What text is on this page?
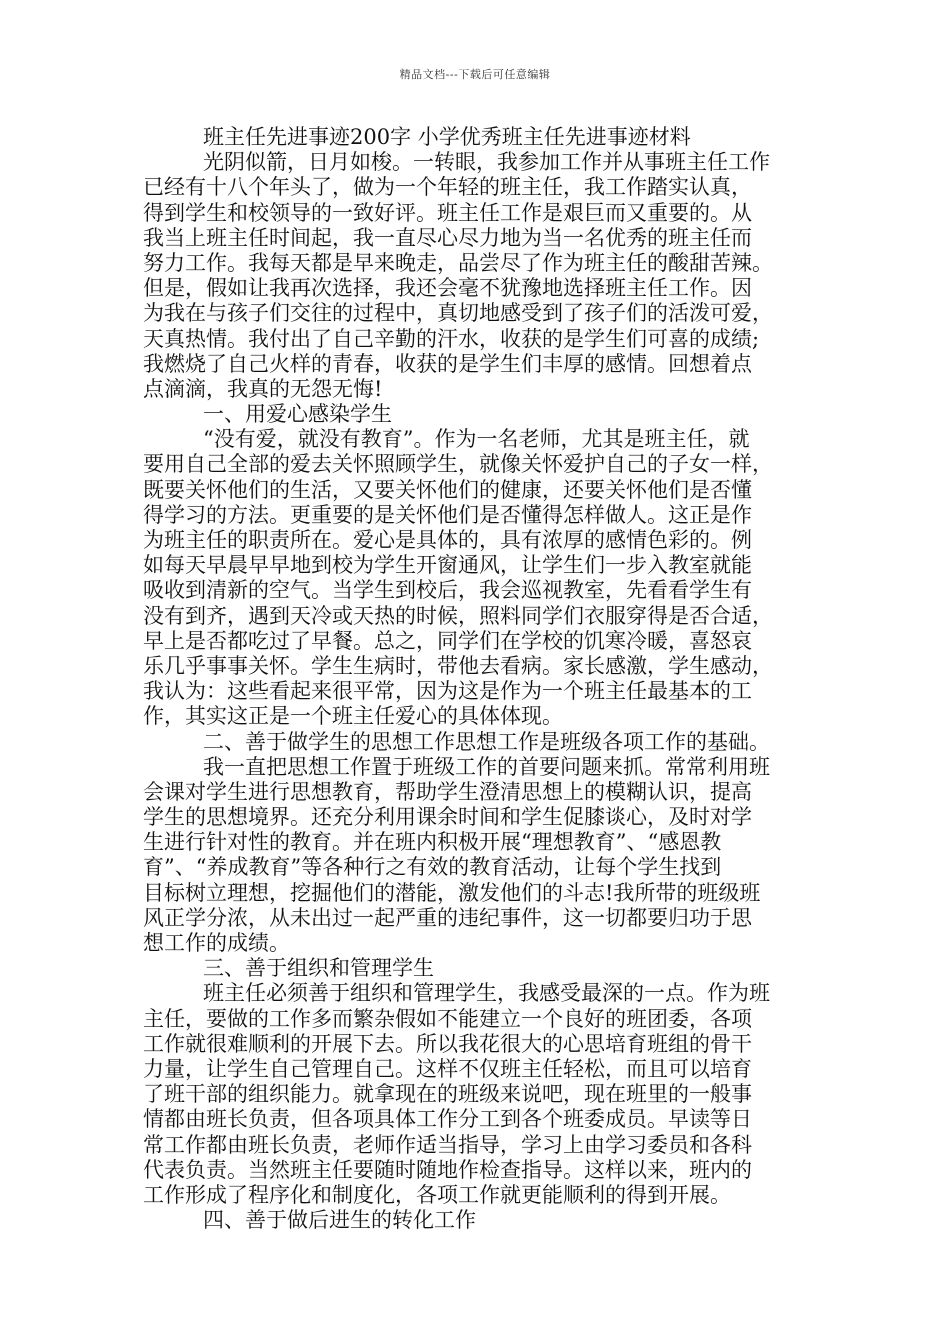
精品文档---下载后可任意编辑
班主任先进事迹200字 小学优秀班主任先进事迹材料
光阴似箭，日月如梭。一转眼，我参加工作并从事班主任工作
已经有十八个年头了，做为一个年轻的班主任，我工作踏实认真，
得到学生和校领导的一致好评。班主任工作是艰巨而又重要的。从
我当上班主任时间起，我一直尽心尽力地为当一名优秀的班主任而
努力工作。我每天都是早来晚走，品尝尽了作为班主任的酸甜苦辣。
但是，假如让我再次选择，我还会毫不犹豫地选择班主任工作。因
为我在与孩子们交往的过程中，真切地感受到了孩子们的活泼可爱，
天真热情。我付出了自己辛勤的汗水，收获的是学生们可喜的成绩;
我燃烧了自己火样的青春，收获的是学生们丰厚的感情。回想着点
点滴滴，我真的无怨无悔!
一、用爱心感染学生
“没有爱，就没有教育”。作为一名老师，尤其是班主任，就
要用自己全部的爱去关怀照顾学生，就像关怀爱护自己的子女一样，
既要关怀他们的生活，又要关怀他们的健康，还要关怀他们是否懂
得学习的方法。更重要的是关怀他们是否懂得怎样做人。这正是作
为班主任的职责所在。爱心是具体的，具有浓厚的感情色彩的。例
如每天早晨早早地到校为学生开窗通风，让学生们一步入教室就能
吸收到清新的空气。当学生到校后，我会巡视教室，先看看学生有
没有到齐，遇到天冷或天热的时候，照料同学们衣服穿得是否合适，
早上是否都吃过了早餐。总之，同学们在学校的饥寒冷暖，喜怒哀
乐几乎事事关怀。学生生病时，带他去看病。家长感激，学生感动，
我认为：这些看起来很平常，因为这是作为一个班主任最基本的工
作，其实这正是一个班主任爱心的具体体现。
二、善于做学生的思想工作思想工作是班级各项工作的基础。
我一直把思想工作置于班级工作的首要问题来抓。常常利用班
会课对学生进行思想教育，帮助学生澄清思想上的模糊认识，提高
学生的思想境界。还充分利用课余时间和学生促膝谈心，及时对学
生进行针对性的教育。并在班内积极开展“理想教育”、“感恩教
育”、“养成教育”等各种行之有效的教育活动，让每个学生找到
目标树立理想，挖掘他们的潜能，激发他们的斗志!我所带的班级班
风正学分浓，从未出过一起严重的违纪事件，这一切都要归功于思
想工作的成绩。
三、善于组织和管理学生
班主任必须善于组织和管理学生，我感受最深的一点。作为班
主任，要做的工作多而繁杂假如不能建立一个良好的班团委，各项
工作就很难顺利的开展下去。所以我花很大的心思培育班组的骨干
力量，让学生自己管理自己。这样不仅班主任轻松，而且可以培育
了班干部的组织能力。就拿现在的班级来说吧，现在班里的一般事
情都由班长负责，但各项具体工作分工到各个班委成员。早读等日
常工作都由班长负责，老师作适当指导，学习上由学习委员和各科
代表负责。当然班主任要随时随地作检查指导。这样以来，班内的
工作形成了程序化和制度化，各项工作就更能顺利的得到开展。
四、善于做后进生的转化工作
